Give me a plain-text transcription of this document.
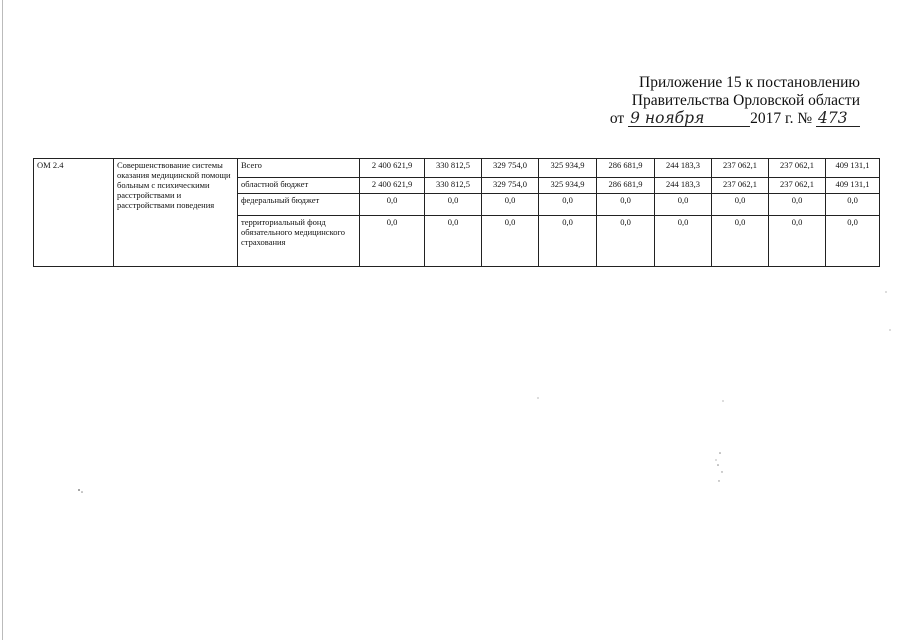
Приложение 15 к постановлению
Правительства Орловской области
от 9 ноября	2017 г. № 473
ОМ 2.4	Совершенствование системы оказания медицинской помощи больным с психическими расстройствами и расстройствами поведения	Всего	2 400 621,9	330 812,5	329 754,0	325 934,9	286 681,9	244 183,3	237 062,1	237 062,1	409 131,1
		областной бюджет	2 400 621,9	330 812,5	329 754,0	325 934,9	286 681,9	244 183,3	237 062,1	237 062,1	409 131,1
		федеральный бюджет	0,0	0,0	0,0	0,0	0,0	0,0	0,0	0,0	0,0
		территориальный фонд обязательного медицинского страхования	0,0	0,0	0,0	0,0	0,0	0,0	0,0	0,0	0,0
